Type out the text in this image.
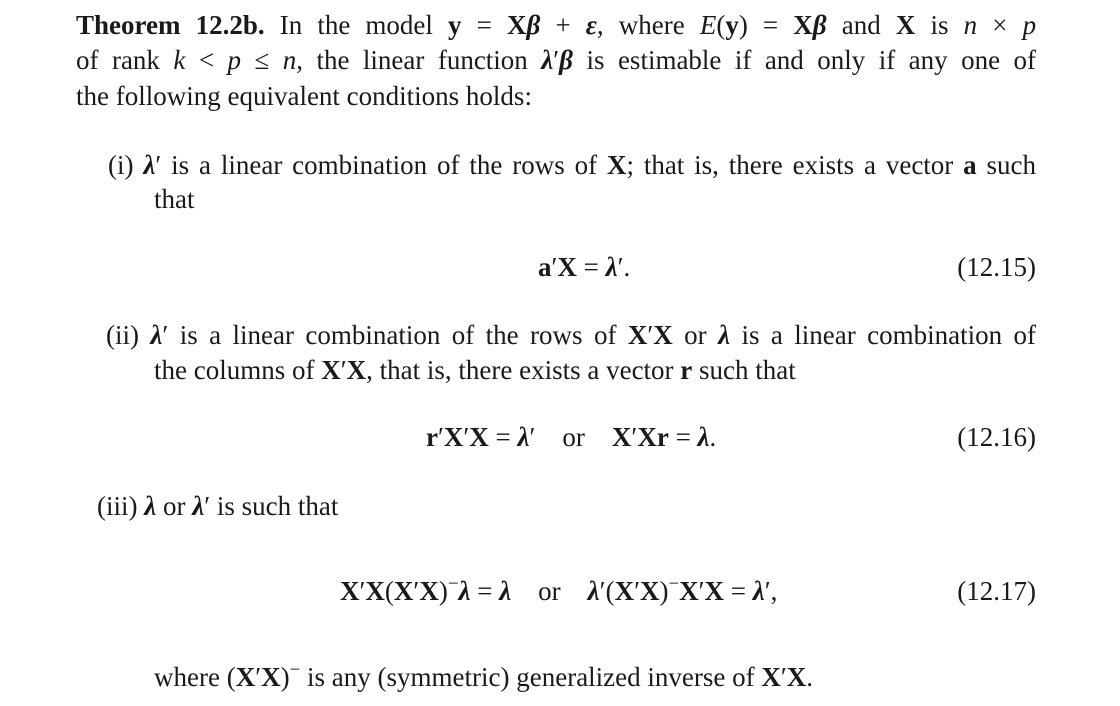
Theorem 12.2b. In the model y = Xβ + ε, where E(y) = Xβ and X is n × p
of rank k < p ≤ n, the linear function λ′β is estimable if and only if any one of
the following equivalent conditions holds:
(i) λ′ is a linear combination of the rows of X; that is, there exists a vector a such
that
a′X = λ′.	(12.15)
(ii) λ′ is a linear combination of the rows of X′X or λ is a linear combination of
the columns of X′X, that is, there exists a vector r such that
r′X′X = λ′    or X′Xr = λ.	(12.16)
(iii) λ or λ′ is such that
X′X(X′X)−λ = λ or λ′(X′X)−X′X = λ′,	(12.17)
where (X′X)− is any (symmetric) generalized inverse of X′X.
